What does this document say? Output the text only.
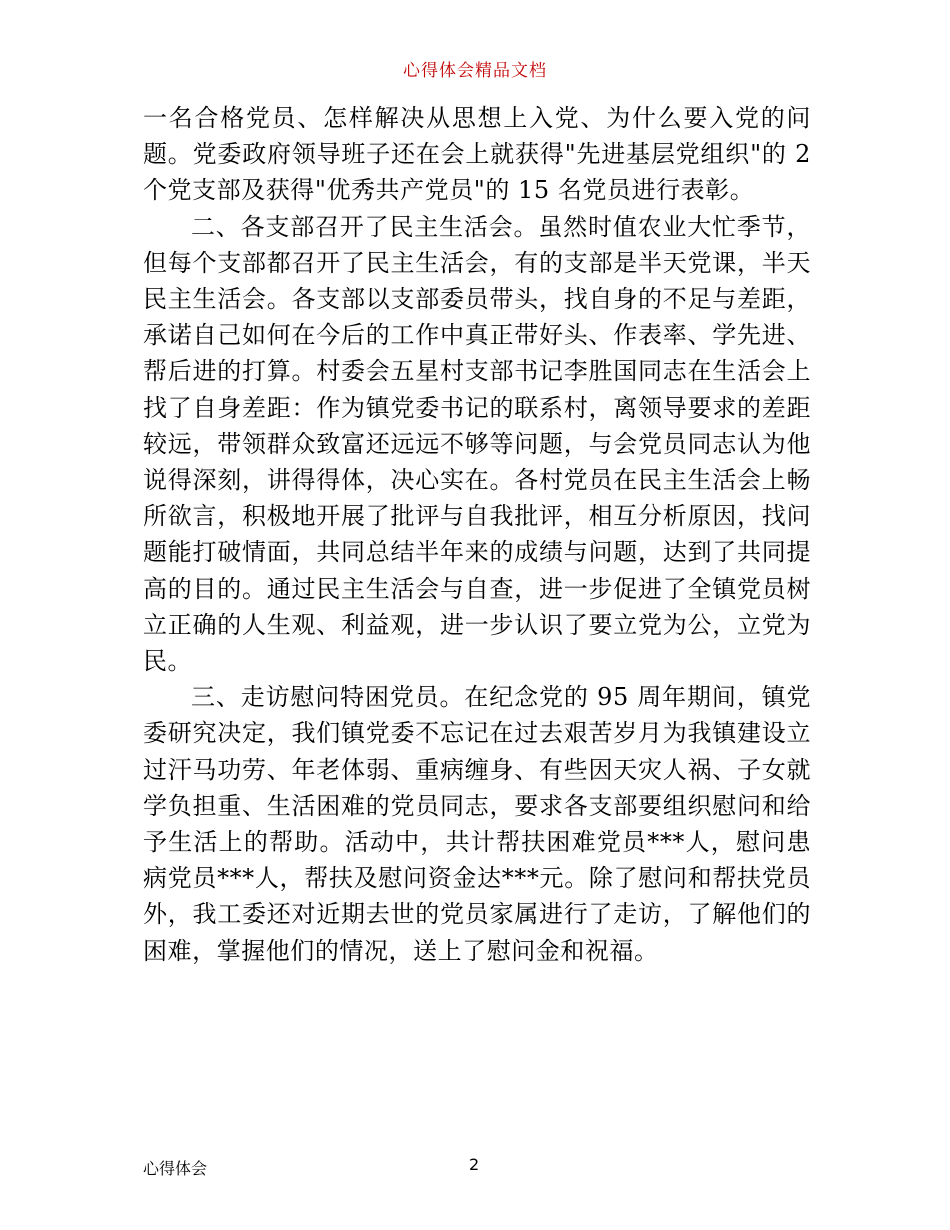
心得体会精品文档

一名合格党员、怎样解决从思想上入党、为什么要入党的问题。党委政府领导班子还在会上就获得"先进基层党组织"的 2 个党支部及获得"优秀共产党员"的 15 名党员进行表彰。

二、各支部召开了民主生活会。虽然时值农业大忙季节，但每个支部都召开了民主生活会，有的支部是半天党课，半天民主生活会。各支部以支部委员带头，找自身的不足与差距，承诺自己如何在今后的工作中真正带好头、作表率、学先进、帮后进的打算。村委会五星村支部书记李胜国同志在生活会上找了自身差距：作为镇党委书记的联系村，离领导要求的差距较远，带领群众致富还远远不够等问题，与会党员同志认为他说得深刻，讲得得体，决心实在。各村党员在民主生活会上畅所欲言，积极地开展了批评与自我批评，相互分析原因，找问题能打破情面，共同总结半年来的成绩与问题，达到了共同提高的目的。通过民主生活会与自查，进一步促进了全镇党员树立正确的人生观、利益观，进一步认识了要立党为公，立党为民。

三、走访慰问特困党员。在纪念党的 95 周年期间，镇党委研究决定，我们镇党委不忘记在过去艰苦岁月为我镇建设立过汗马功劳、年老体弱、重病缠身、有些因天灾人祸、子女就学负担重、生活困难的党员同志，要求各支部要组织慰问和给予生活上的帮助。活动中，共计帮扶困难党员***人，慰问患病党员***人，帮扶及慰问资金达***元。除了慰问和帮扶党员外，我工委还对近期去世的党员家属进行了走访，了解他们的困难，掌握他们的情况，送上了慰问金和祝福。

心得体会	2
